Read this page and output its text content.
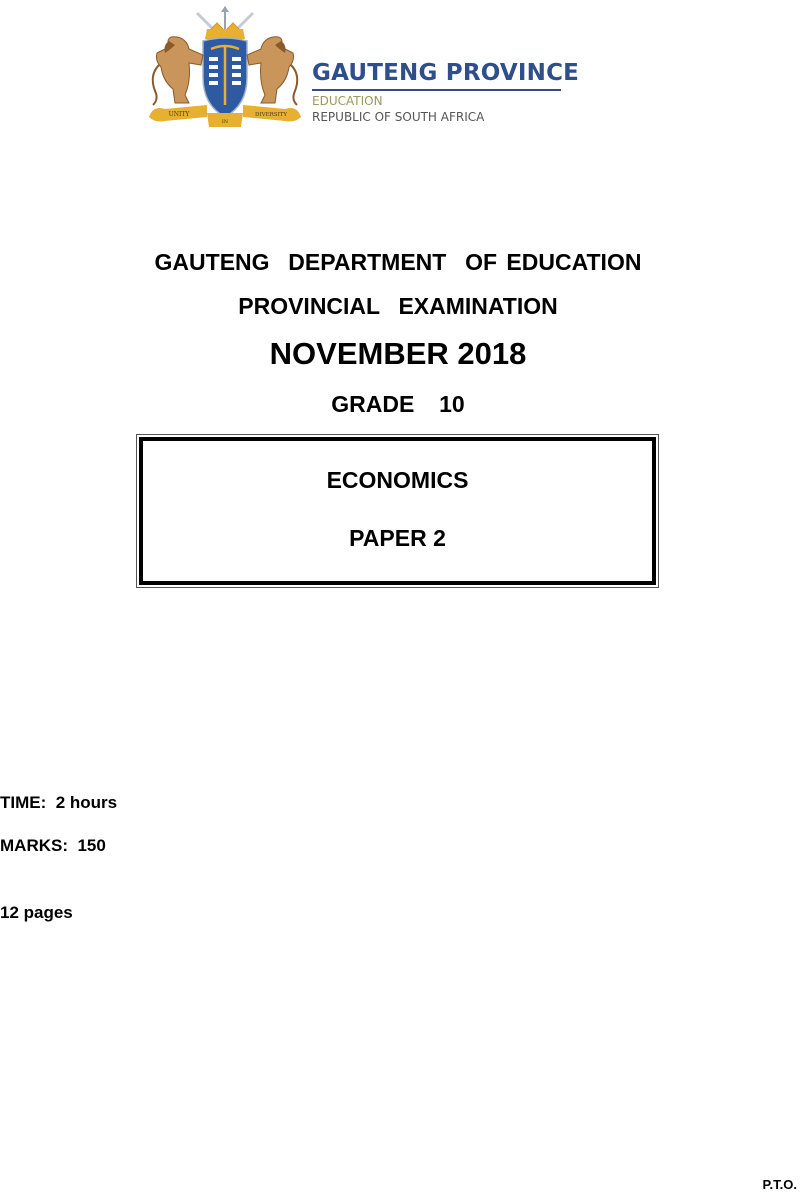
UNITY
IN
DIVERSITY
GAUTENG PROVINCE
EDUCATION
REPUBLIC OF SOUTH AFRICA
GAUTENG  DEPARTMENT  OF EDUCATION
PROVINCIAL  EXAMINATION
NOVEMBER 2018
GRADE  10
ECONOMICS
PAPER 2
TIME:  2 hours
MARKS:  150
12 pages
P.T.O.
